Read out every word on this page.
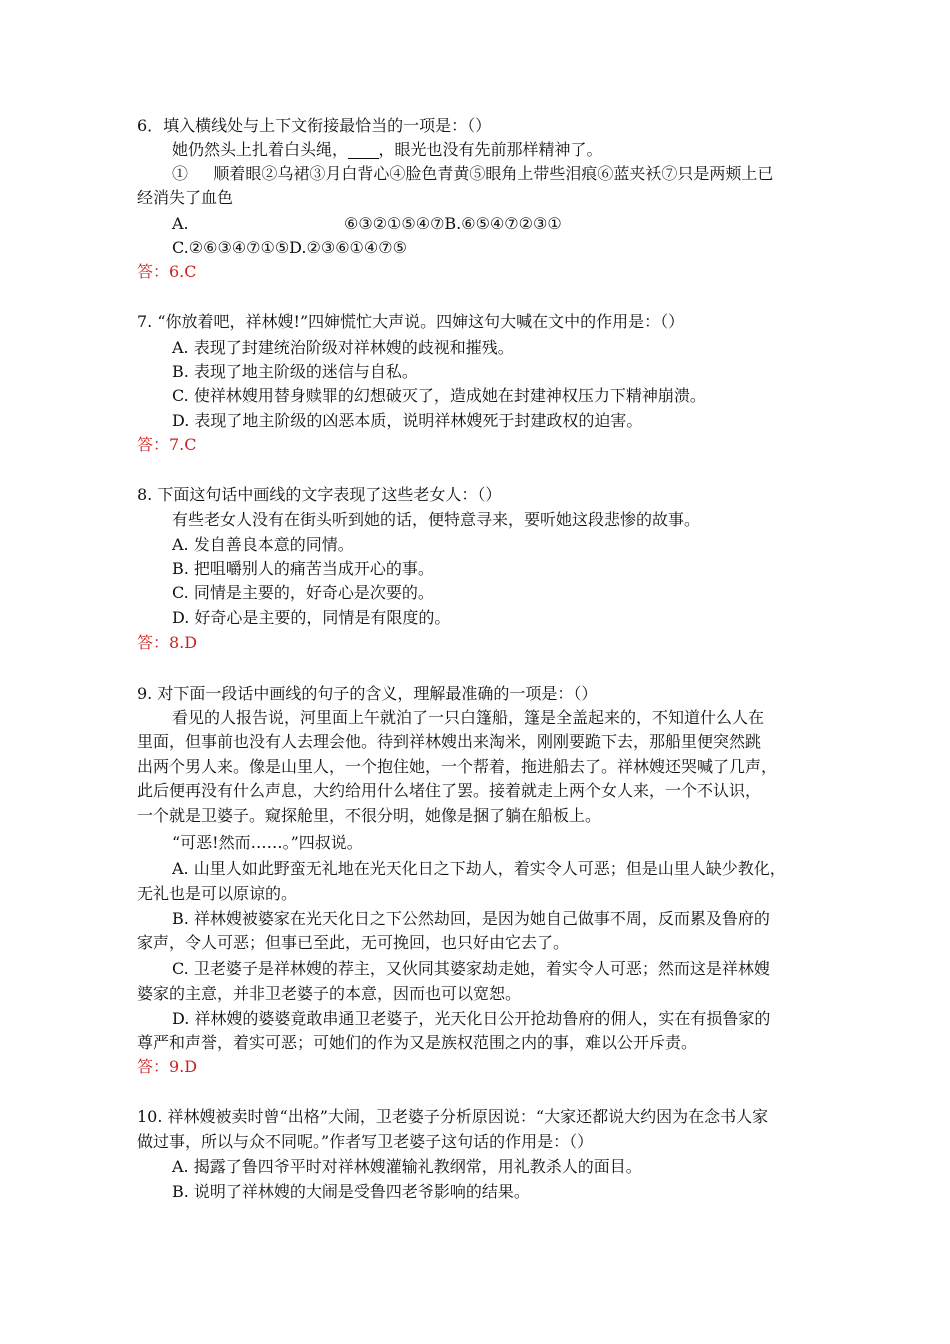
6．填入横线处与上下文衔接最恰当的一项是：（）
她仍然头上扎着白头绳， ，眼光也没有先前那样精神了。
①     顺着眼②乌裙③月白背心④脸色青黄⑤眼角上带些泪痕⑥蓝夹袄⑦只是两颊上已
经消失了血色
A.	⑥③②①⑤④⑦B.⑥⑤④⑦②③①
C.②⑥③④⑦①⑤D.②③⑥①④⑦⑤
答：6.C
7. “你放着吧，祥林嫂!”四婶慌忙大声说。四婶这句大喊在文中的作用是：（）
A. 表现了封建统治阶级对祥林嫂的歧视和摧残。
B. 表现了地主阶级的迷信与自私。
C. 使祥林嫂用替身赎罪的幻想破灭了，造成她在封建神权压力下精神崩溃。
D. 表现了地主阶级的凶恶本质，说明祥林嫂死于封建政权的迫害。
答：7.C
8. 下面这句话中画线的文字表现了这些老女人：（）
有些老女人没有在街头听到她的话，便特意寻来，要听她这段悲惨的故事。
A. 发自善良本意的同情。
B. 把咀嚼别人的痛苦当成开心的事。
C. 同情是主要的，好奇心是次要的。
D. 好奇心是主要的，同情是有限度的。
答：8.D
9. 对下面一段话中画线的句子的含义，理解最准确的一项是：（）
看见的人报告说，河里面上午就泊了一只白篷船，篷是全盖起来的，不知道什么人在
里面，但事前也没有人去理会他。待到祥林嫂出来淘米，刚刚要跪下去，那船里便突然跳
出两个男人来。像是山里人，一个抱住她，一个帮着，拖进船去了。祥林嫂还哭喊了几声，
此后便再没有什么声息，大约给用什么堵住了罢。接着就走上两个女人来，一个不认识，
一个就是卫婆子。窥探舱里，不很分明，她像是捆了躺在船板上。
“可恶!然而……。”四叔说。
A. 山里人如此野蛮无礼地在光天化日之下劫人，着实令人可恶；但是山里人缺少教化，
无礼也是可以原谅的。
B. 祥林嫂被婆家在光天化日之下公然劫回，是因为她自己做事不周，反而累及鲁府的
家声，令人可恶；但事已至此，无可挽回，也只好由它去了。
C. 卫老婆子是祥林嫂的荐主，又伙同其婆家劫走她，着实令人可恶；然而这是祥林嫂
婆家的主意，并非卫老婆子的本意，因而也可以宽恕。
D. 祥林嫂的婆婆竟敢串通卫老婆子，光天化日公开抢劫鲁府的佣人，实在有损鲁家的
尊严和声誉，着实可恶；可她们的作为又是族权范围之内的事，难以公开斥责。
答：9.D
10. 祥林嫂被卖时曾“出格”大闹，卫老婆子分析原因说：“大家还都说大约因为在念书人家
做过事，所以与众不同呢。”作者写卫老婆子这句话的作用是：（）
A. 揭露了鲁四爷平时对祥林嫂灌输礼教纲常，用礼教杀人的面目。
B. 说明了祥林嫂的大闹是受鲁四老爷影响的结果。
